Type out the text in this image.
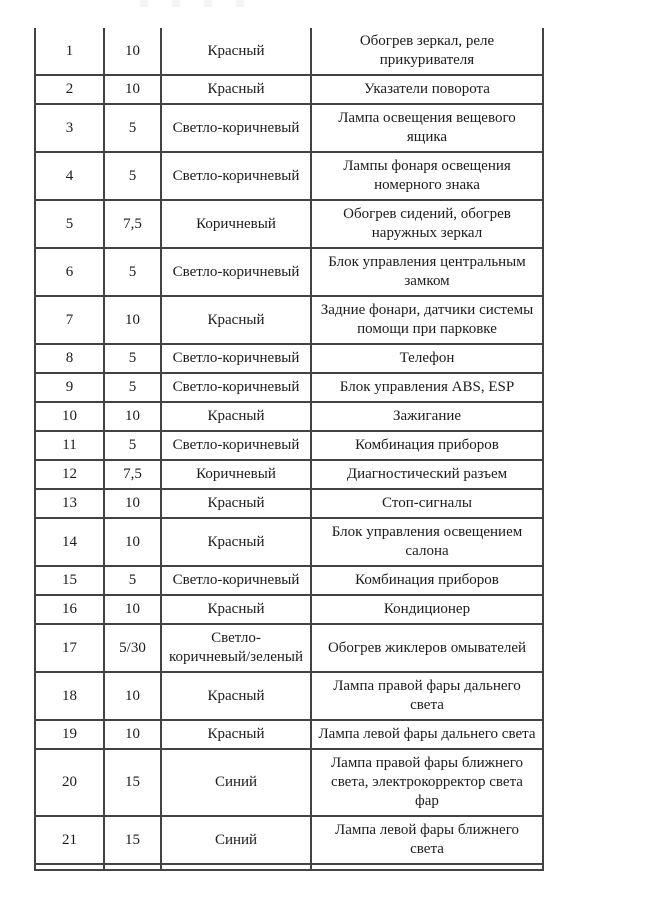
1	10	Красный	Обогрев зеркал, реле
прикуривателя

2	10	Красный	Указатели поворота

3	5	Светло-коричневый	Лампа освещения вещевого
ящика

4	5	Светло-коричневый	Лампы фонаря освещения
номерного знака

5	7,5	Коричневый	Обогрев сидений, обогрев
наружных зеркал

6	5	Светло-коричневый	Блок управления центральным
замком

7	10	Красный	Задние фонари, датчики системы
помощи при парковке

8	5	Светло-коричневый	Телефон

9	5	Светло-коричневый	Блок управления ABS, ESP

10	10	Красный	Зажигание

11	5	Светло-коричневый	Комбинация приборов

12	7,5	Коричневый	Диагностический разъем

13	10	Красный	Стоп-сигналы

14	10	Красный	Блок управления освещением
салона

15	5	Светло-коричневый	Комбинация приборов

16	10	Красный	Кондиционер

17	5/30	Светло-
коричневый/зеленый	Обогрев жиклеров омывателей

18	10	Красный	Лампа правой фары дальнего
света

19	10	Красный	Лампа левой фары дальнего света

20	15	Синий	Лампа правой фары ближнего
света, электрокорректор света
фар

21	15	Синий	Лампа левой фары ближнего
света
